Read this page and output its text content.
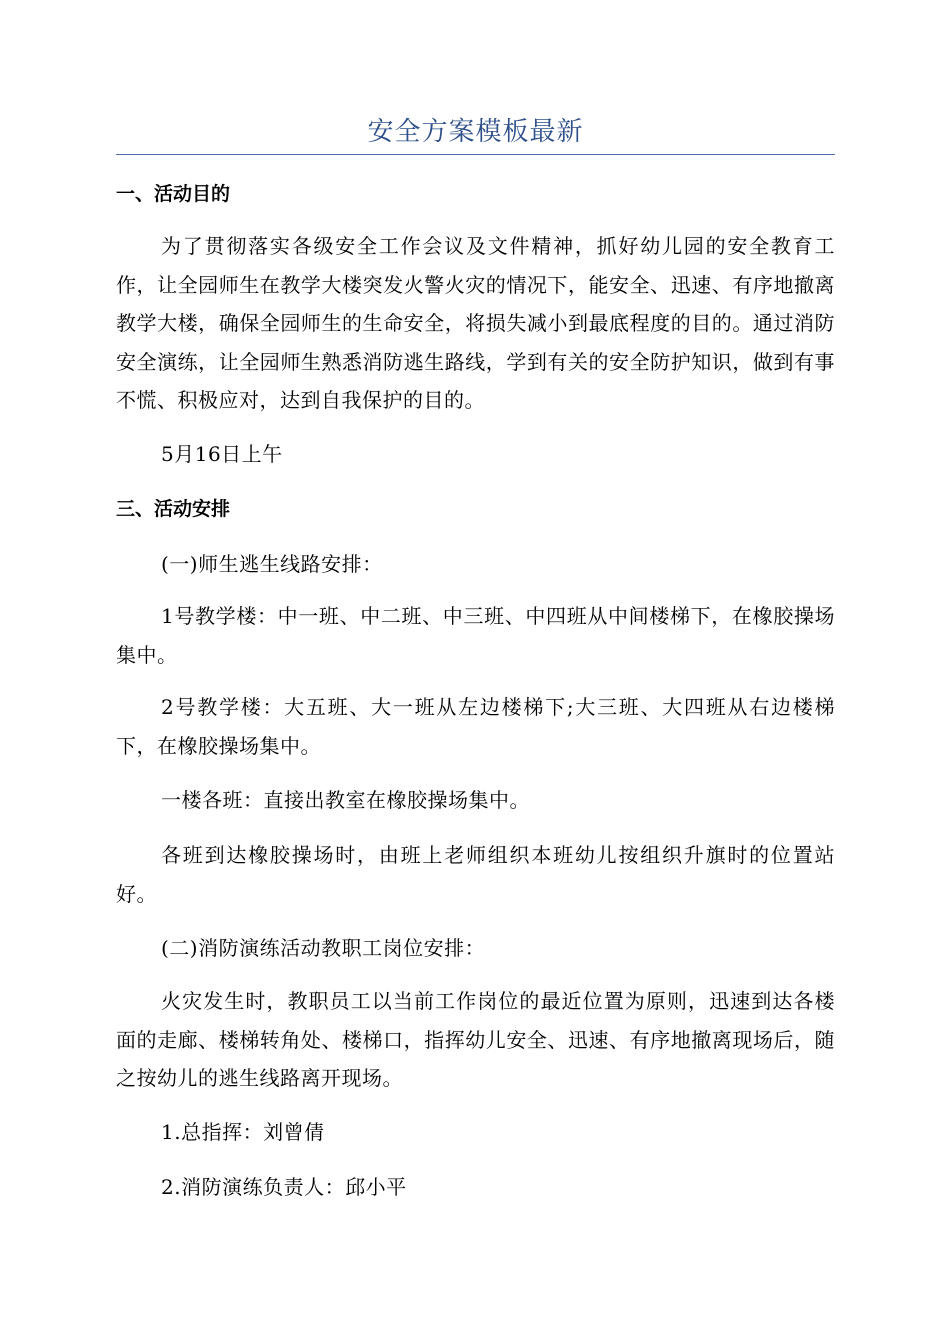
安全方案模板最新
一、活动目的

为了贯彻落实各级安全工作会议及文件精神，抓好幼儿园的安全教育工作，让全园师生在教学大楼突发火警火灾的情况下，能安全、迅速、有序地撤离教学大楼，确保全园师生的生命安全，将损失减小到最底程度的目的。通过消防安全演练，让全园师生熟悉消防逃生路线，学到有关的安全防护知识，做到有事不慌、积极应对，达到自我保护的目的。

5月16日上午

三、活动安排

(一)师生逃生线路安排：

1号教学楼：中一班、中二班、中三班、中四班从中间楼梯下，在橡胶操场集中。

2号教学楼：大五班、大一班从左边楼梯下;大三班、大四班从右边楼梯下，在橡胶操场集中。

一楼各班：直接出教室在橡胶操场集中。

各班到达橡胶操场时，由班上老师组织本班幼儿按组织升旗时的位置站好。

(二)消防演练活动教职工岗位安排：

火灾发生时，教职员工以当前工作岗位的最近位置为原则，迅速到达各楼面的走廊、楼梯转角处、楼梯口，指挥幼儿安全、迅速、有序地撤离现场后，随之按幼儿的逃生线路离开现场。

1.总指挥：刘曾倩

2.消防演练负责人：邱小平
